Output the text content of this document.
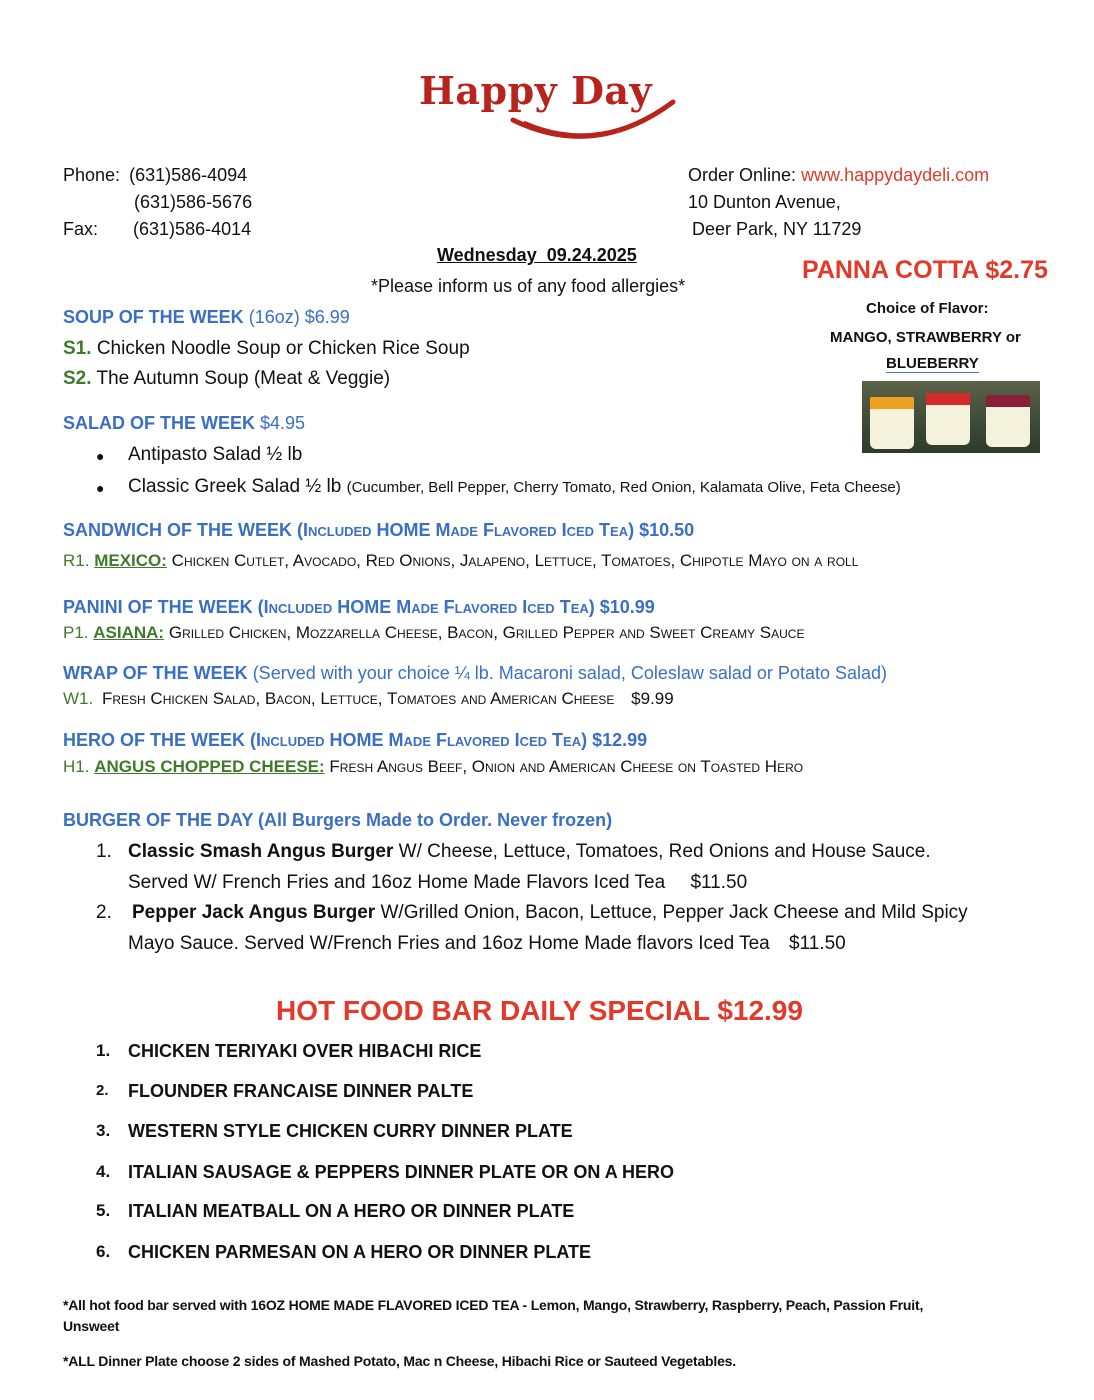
Happy Day
Phone: (631)586-4094
(631)586-5676
Fax: (631)586-4014
Order Online: www.happydaydeli.com
10 Dunton Avenue,
Deer Park, NY 11729
Wednesday  09.24.2025
*Please inform us of any food allergies*
PANNA COTTA $2.75
Choice of Flavor:
MANGO, STRAWBERRY or
BLUEBERRY
SOUP OF THE WEEK (16oz) $6.99
S1. Chicken Noodle Soup or Chicken Rice Soup
S2. The Autumn Soup (Meat & Veggie)
SALAD OF THE WEEK $4.95
● Antipasto Salad ½ lb
● Classic Greek Salad ½ lb (Cucumber, Bell Pepper, Cherry Tomato, Red Onion, Kalamata Olive, Feta Cheese)
SANDWICH OF THE WEEK (Included HOME Made Flavored Iced Tea) $10.50
R1. MEXICO: Chicken Cutlet, Avocado, Red Onions, Jalapeno, Lettuce, Tomatoes, Chipotle Mayo on a roll
PANINI OF THE WEEK (Included HOME Made Flavored Iced Tea) $10.99
P1. ASIANA: Grilled Chicken, Mozzarella Cheese, Bacon, Grilled Pepper and Sweet Creamy Sauce
WRAP OF THE WEEK (Served with your choice ¼ lb. Macaroni salad, Coleslaw salad or Potato Salad)
W1. Fresh Chicken Salad, Bacon, Lettuce, Tomatoes and American Cheese $9.99
HERO OF THE WEEK (Included HOME Made Flavored Iced Tea) $12.99
H1. ANGUS CHOPPED CHEESE: Fresh Angus Beef, Onion and American Cheese on Toasted Hero
BURGER OF THE DAY (All Burgers Made to Order. Never frozen)
1. Classic Smash Angus Burger W/ Cheese, Lettuce, Tomatoes, Red Onions and House Sauce.
Served W/ French Fries and 16oz Home Made Flavors Iced Tea $11.50
2. Pepper Jack Angus Burger W/Grilled Onion, Bacon, Lettuce, Pepper Jack Cheese and Mild Spicy
Mayo Sauce. Served W/French Fries and 16oz Home Made flavors Iced Tea $11.50
HOT FOOD BAR DAILY SPECIAL $12.99
1. CHICKEN TERIYAKI OVER HIBACHI RICE
2. FLOUNDER FRANCAISE DINNER PALTE
3. WESTERN STYLE CHICKEN CURRY DINNER PLATE
4. ITALIAN SAUSAGE & PEPPERS DINNER PLATE OR ON A HERO
5. ITALIAN MEATBALL ON A HERO OR DINNER PLATE
6. CHICKEN PARMESAN ON A HERO OR DINNER PLATE
*All hot food bar served with 16OZ HOME MADE FLAVORED ICED TEA - Lemon, Mango, Strawberry, Raspberry, Peach, Passion Fruit,
Unsweet
*ALL Dinner Plate choose 2 sides of Mashed Potato, Mac n Cheese, Hibachi Rice or Sauteed Vegetables.
